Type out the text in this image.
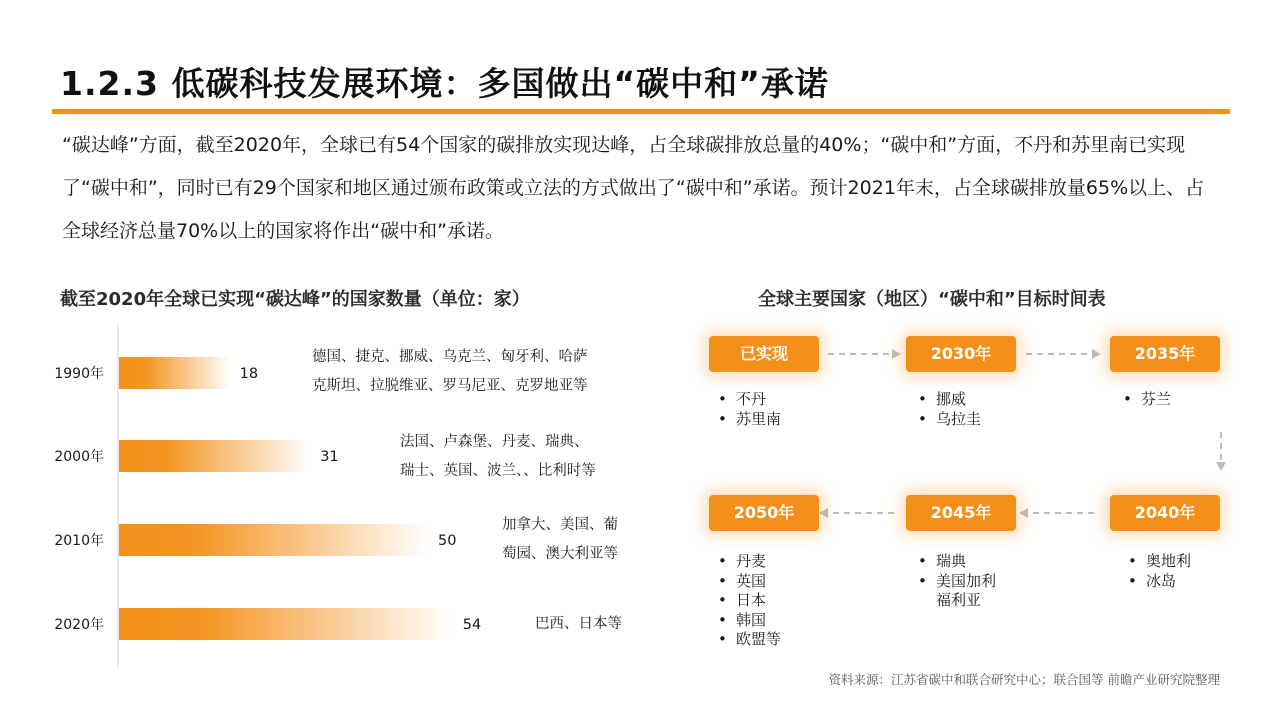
1.2.3 低碳科技发展环境：多国做出“碳中和”承诺

“碳达峰”方面，截至2020年，全球已有54个国家的碳排放实现达峰，占全球碳排放总量的40%；“碳中和”方面，不丹和苏里南已实现了“碳中和”，同时已有29个国家和地区通过颁布政策或立法的方式做出了“碳中和”承诺。预计2021年末，占全球碳排放量65%以上、占全球经济总量70%以上的国家将作出“碳中和”承诺。

截至2020年全球已实现“碳达峰”的国家数量（单位：家）	全球主要国家（地区）“碳中和”目标时间表
1990年	18
2000年	31
2010年	50
2020年	54

德国、捷克、挪威、乌克兰、匈牙利、哈萨
克斯坦、拉脱维亚、罗马尼亚、克罗地亚等

法国、卢森堡、丹麦、瑞典、
瑞士、英国、波兰、、比利时等

加拿大、美国、葡
萄园、澳大利亚等

巴西、日本等

已实现	2030年	2035年
2040年
2045年
2050年
• 不丹
• 苏里南
• 挪威
• 乌拉圭
• 芬兰
• 奥地利
• 冰岛
• 瑞典
• 美国加利
福利亚
• 丹麦
• 英国
• 日本
• 韩国
• 欧盟等

资料来源：江苏省碳中和联合研究中心；联合国等 前瞻产业研究院整理
